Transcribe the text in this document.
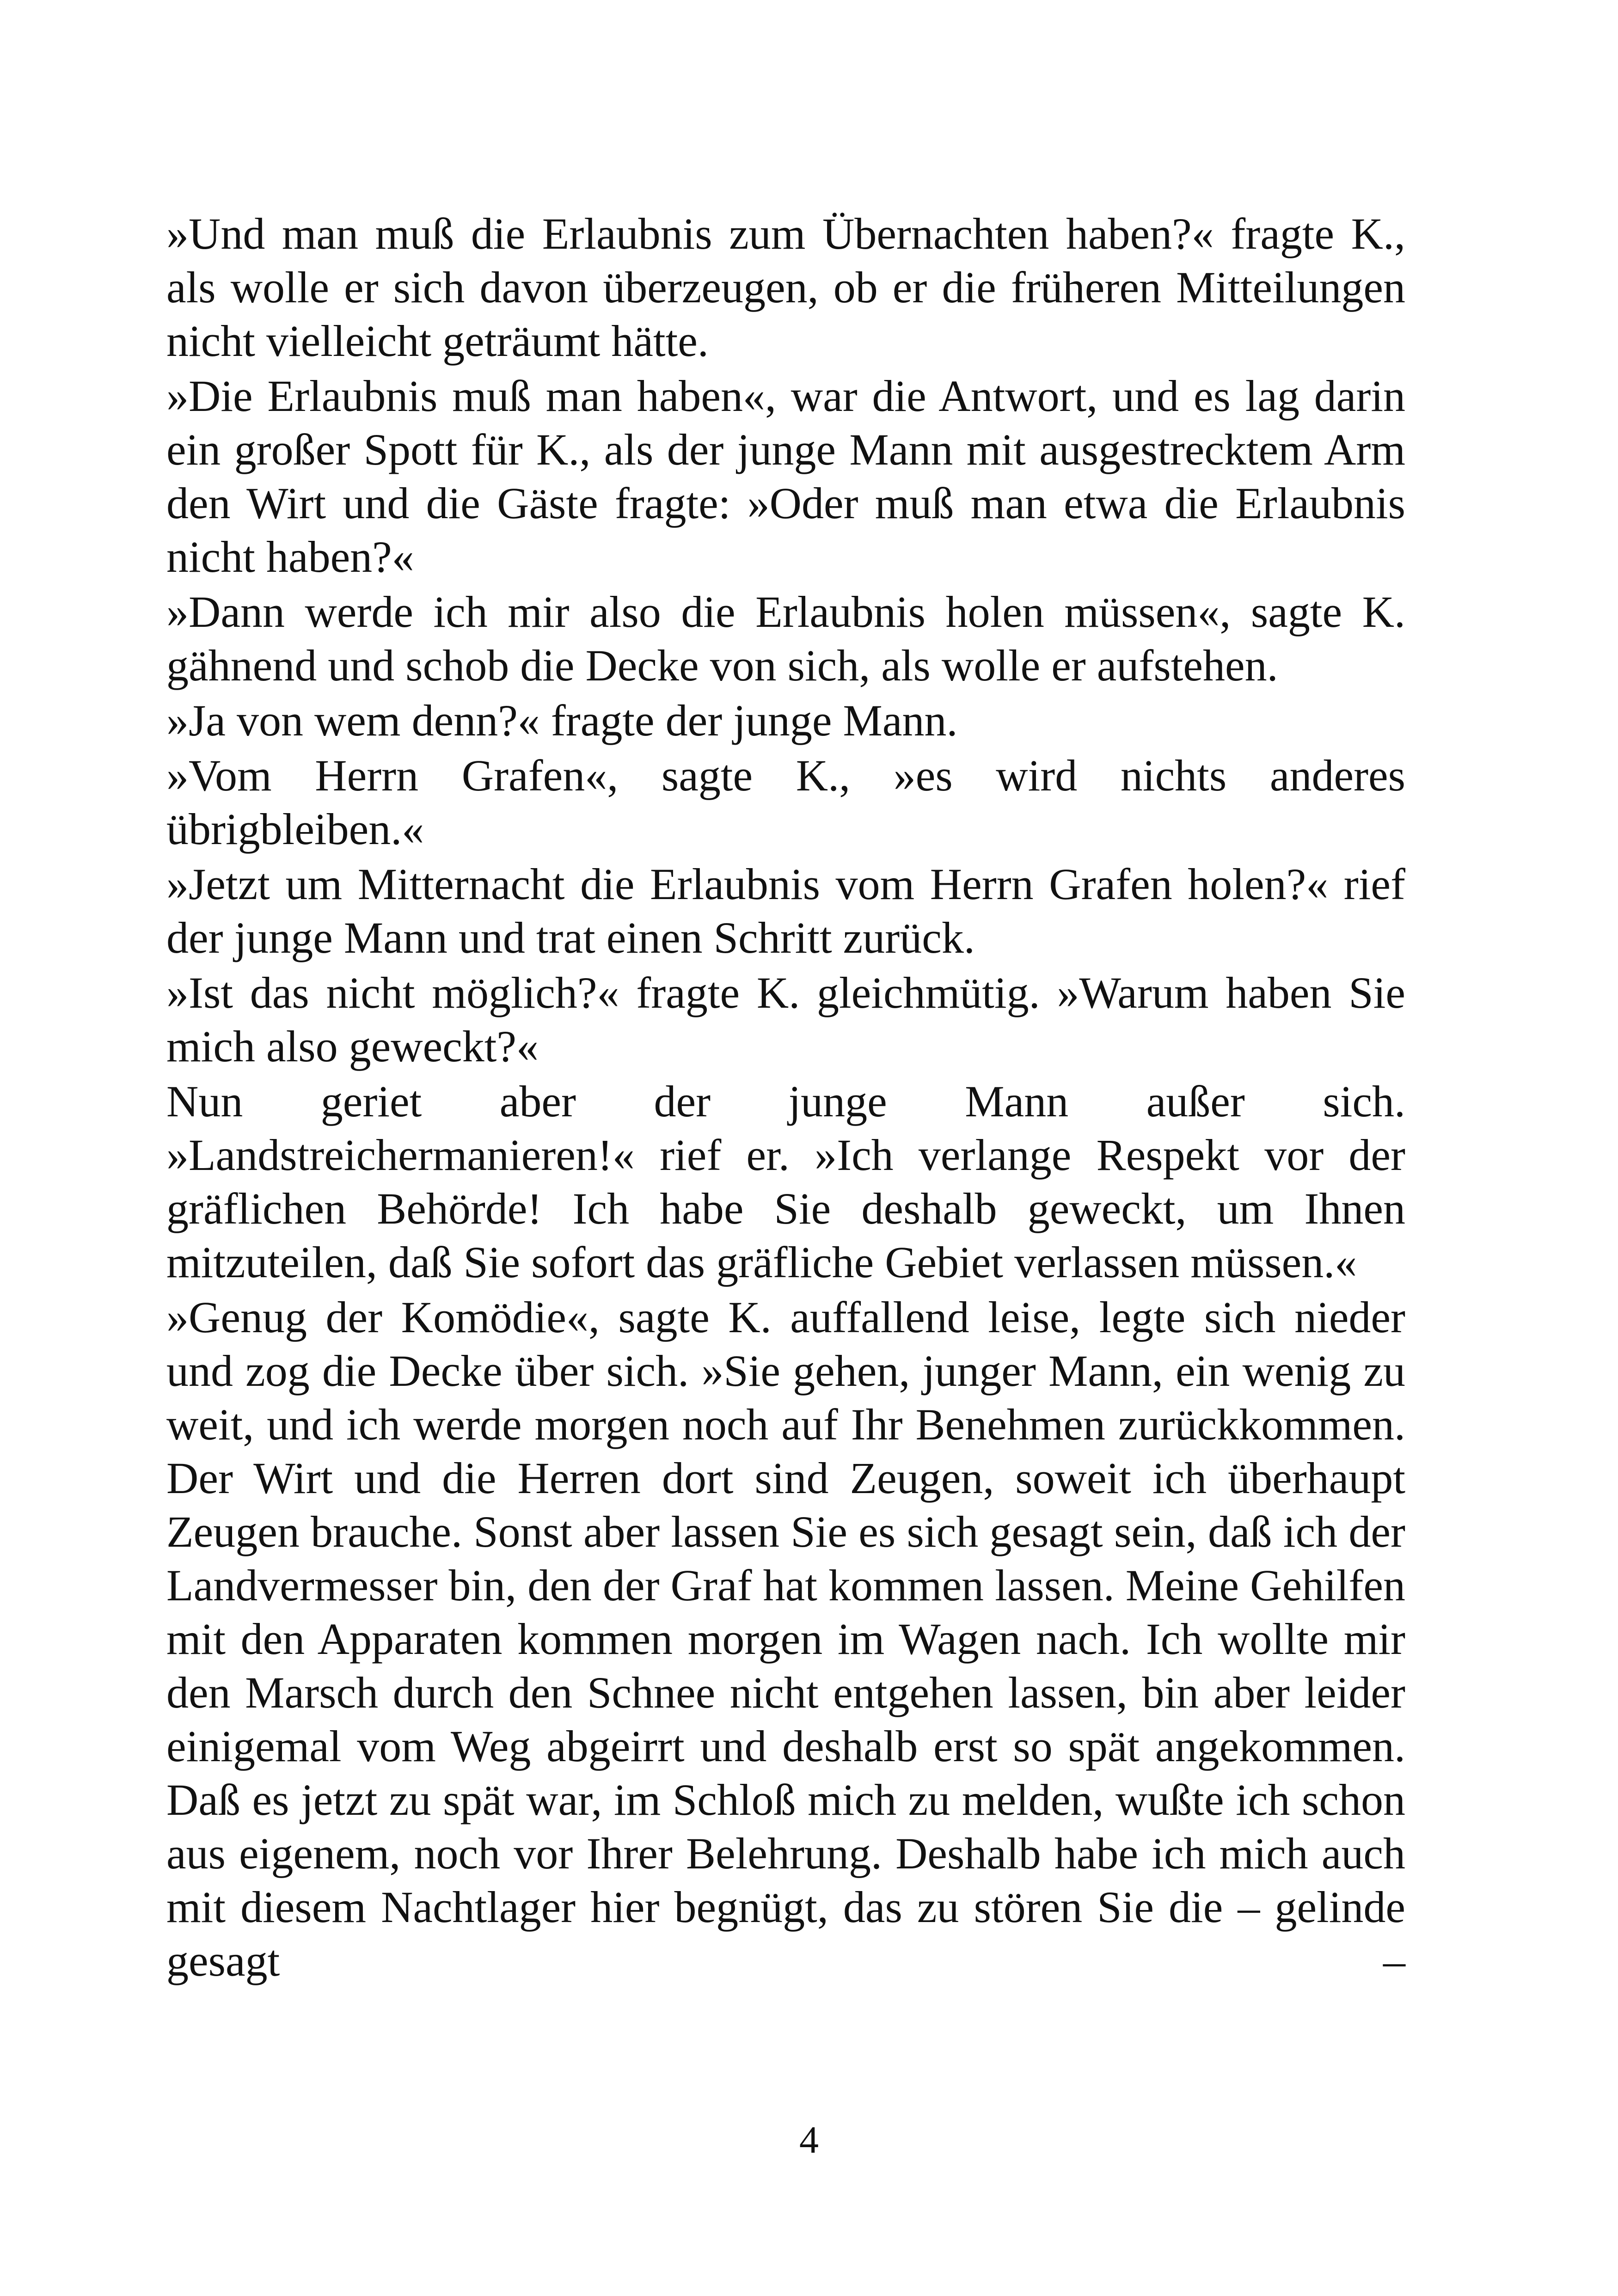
»Und man muß die Erlaubnis zum Übernachten haben?« fragte K., als wolle er sich davon überzeugen, ob er die früheren Mitteilungen nicht vielleicht geträumt hätte.

»Die Erlaubnis muß man haben«, war die Antwort, und es lag darin ein großer Spott für K., als der junge Mann mit ausgestrecktem Arm den Wirt und die Gäste fragte: »Oder muß man etwa die Erlaubnis nicht haben?«

»Dann werde ich mir also die Erlaubnis holen müssen«, sagte K. gähnend und schob die Decke von sich, als wolle er aufstehen.

»Ja von wem denn?« fragte der junge Mann.

»Vom Herrn Grafen«, sagte K., »es wird nichts anderes übrigbleiben.«

»Jetzt um Mitternacht die Erlaubnis vom Herrn Grafen holen?« rief der junge Mann und trat einen Schritt zurück.

»Ist das nicht möglich?« fragte K. gleichmütig. »Warum haben Sie mich also geweckt?«

Nun geriet aber der junge Mann außer sich. »Landstreichermanieren!« rief er. »Ich verlange Respekt vor der gräflichen Behörde! Ich habe Sie deshalb geweckt, um Ihnen mitzuteilen, daß Sie sofort das gräfliche Gebiet verlassen müssen.«

»Genug der Komödie«, sagte K. auffallend leise, legte sich nieder und zog die Decke über sich. »Sie gehen, junger Mann, ein wenig zu weit, und ich werde morgen noch auf Ihr Benehmen zurückkommen. Der Wirt und die Herren dort sind Zeugen, soweit ich überhaupt Zeugen brauche. Sonst aber lassen Sie es sich gesagt sein, daß ich der Landvermesser bin, den der Graf hat kommen lassen. Meine Gehilfen mit den Apparaten kommen morgen im Wagen nach. Ich wollte mir den Marsch durch den Schnee nicht entgehen lassen, bin aber leider einigemal vom Weg abgeirrt und deshalb erst so spät angekommen. Daß es jetzt zu spät war, im Schloß mich zu melden, wußte ich schon aus eigenem, noch vor Ihrer Belehrung. Deshalb habe ich mich auch mit diesem Nachtlager hier begnügt, das zu stören Sie die – gelinde gesagt –

4
